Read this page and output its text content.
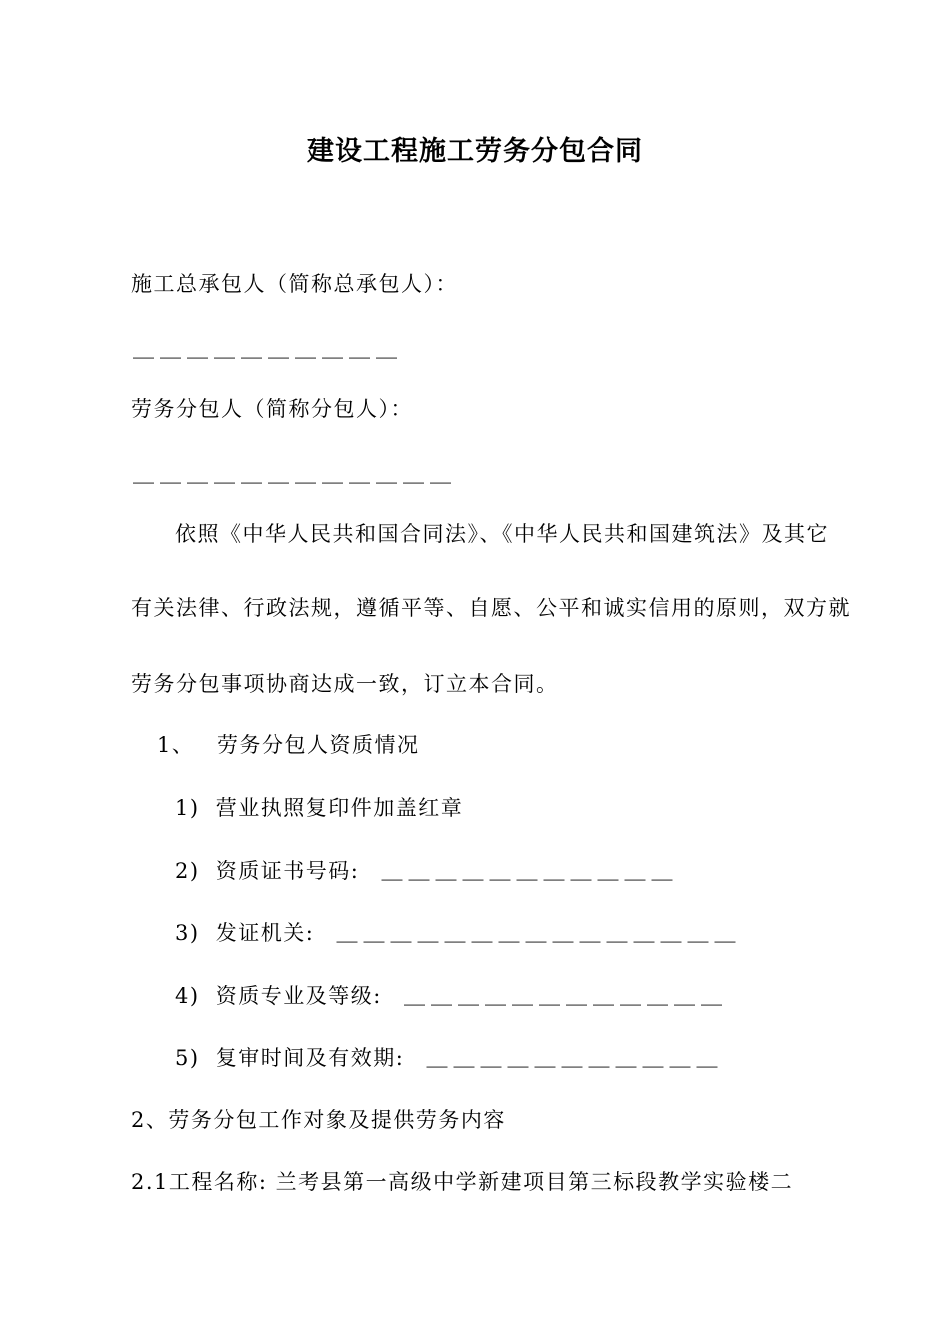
建设工程施工劳务分包合同
施工总承包人（简称总承包人）：
＿＿＿＿＿＿＿＿＿＿
劳务分包人（简称分包人）：
＿＿＿＿＿＿＿＿＿＿＿＿
依照《中华人民共和国合同法》、《中华人民共和国建筑法》及其它
有关法律、行政法规，遵循平等、自愿、公平和诚实信用的原则，双方就
劳务分包事项协商达成一致，订立本合同。
1、 劳务分包人资质情况
1) 营业执照复印件加盖红章
2) 资质证书号码: ＿＿＿＿＿＿＿＿＿＿＿
3) 发证机关: ＿＿＿＿＿＿＿＿＿＿＿＿＿＿＿
4) 资质专业及等级: ＿＿＿＿＿＿＿＿＿＿＿＿
5) 复审时间及有效期: ＿＿＿＿＿＿＿＿＿＿＿
2、劳务分包工作对象及提供劳务内容
2.1工程名称: 兰考县第一高级中学新建项目第三标段教学实验楼二
